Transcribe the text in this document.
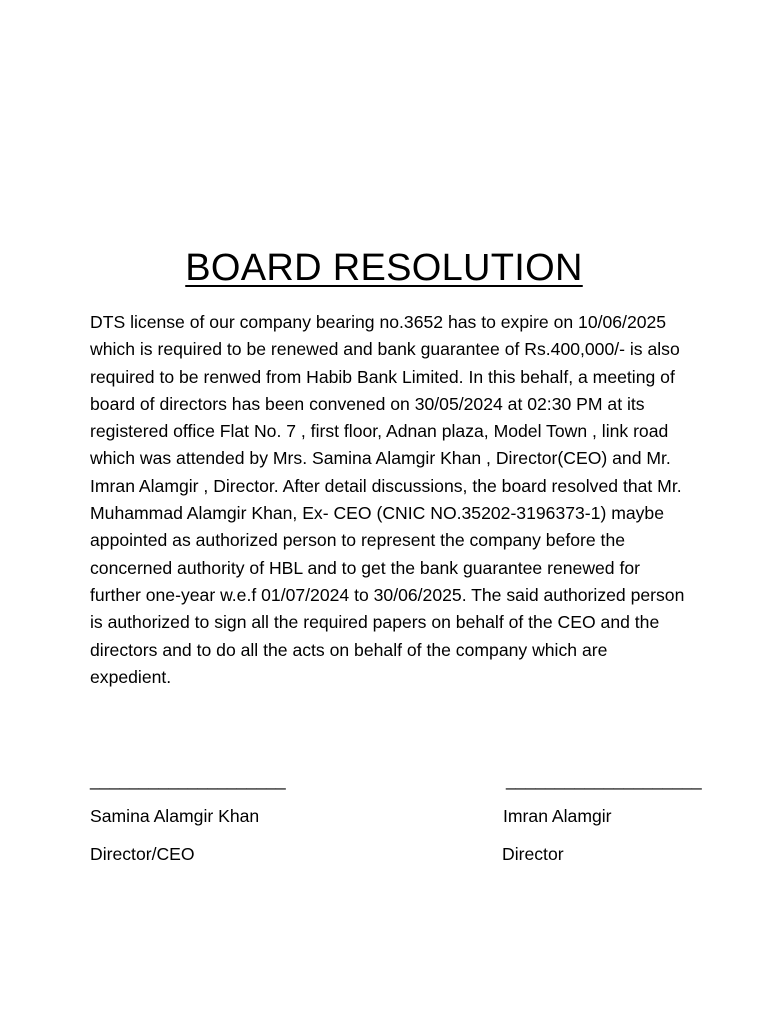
BOARD RESOLUTION

DTS license of our company bearing no.3652 has to expire on 10/06/2025 which is required to be renewed and bank guarantee of Rs.400,000/- is also required to be renwed from Habib Bank Limited. In this behalf, a meeting of board of directors has been convened on 30/05/2024 at 02:30 PM at its registered office Flat No. 7 , first floor, Adnan plaza, Model Town , link road which was attended by Mrs. Samina Alamgir Khan , Director(CEO) and Mr. Imran Alamgir , Director. After detail discussions, the board resolved that Mr. Muhammad Alamgir Khan, Ex- CEO (CNIC NO.35202-3196373-1) maybe appointed as authorized person to represent the company before the concerned authority of HBL and to get the bank guarantee renewed for further one-year w.e.f 01/07/2024 to 30/06/2025. The said authorized person is authorized to sign all the required papers on behalf of the CEO and the directors and to do all the acts on behalf of the company which are expedient.

____________________	____________________
Samina Alamgir Khan
Director/CEO
Imran Alamgir
Director
